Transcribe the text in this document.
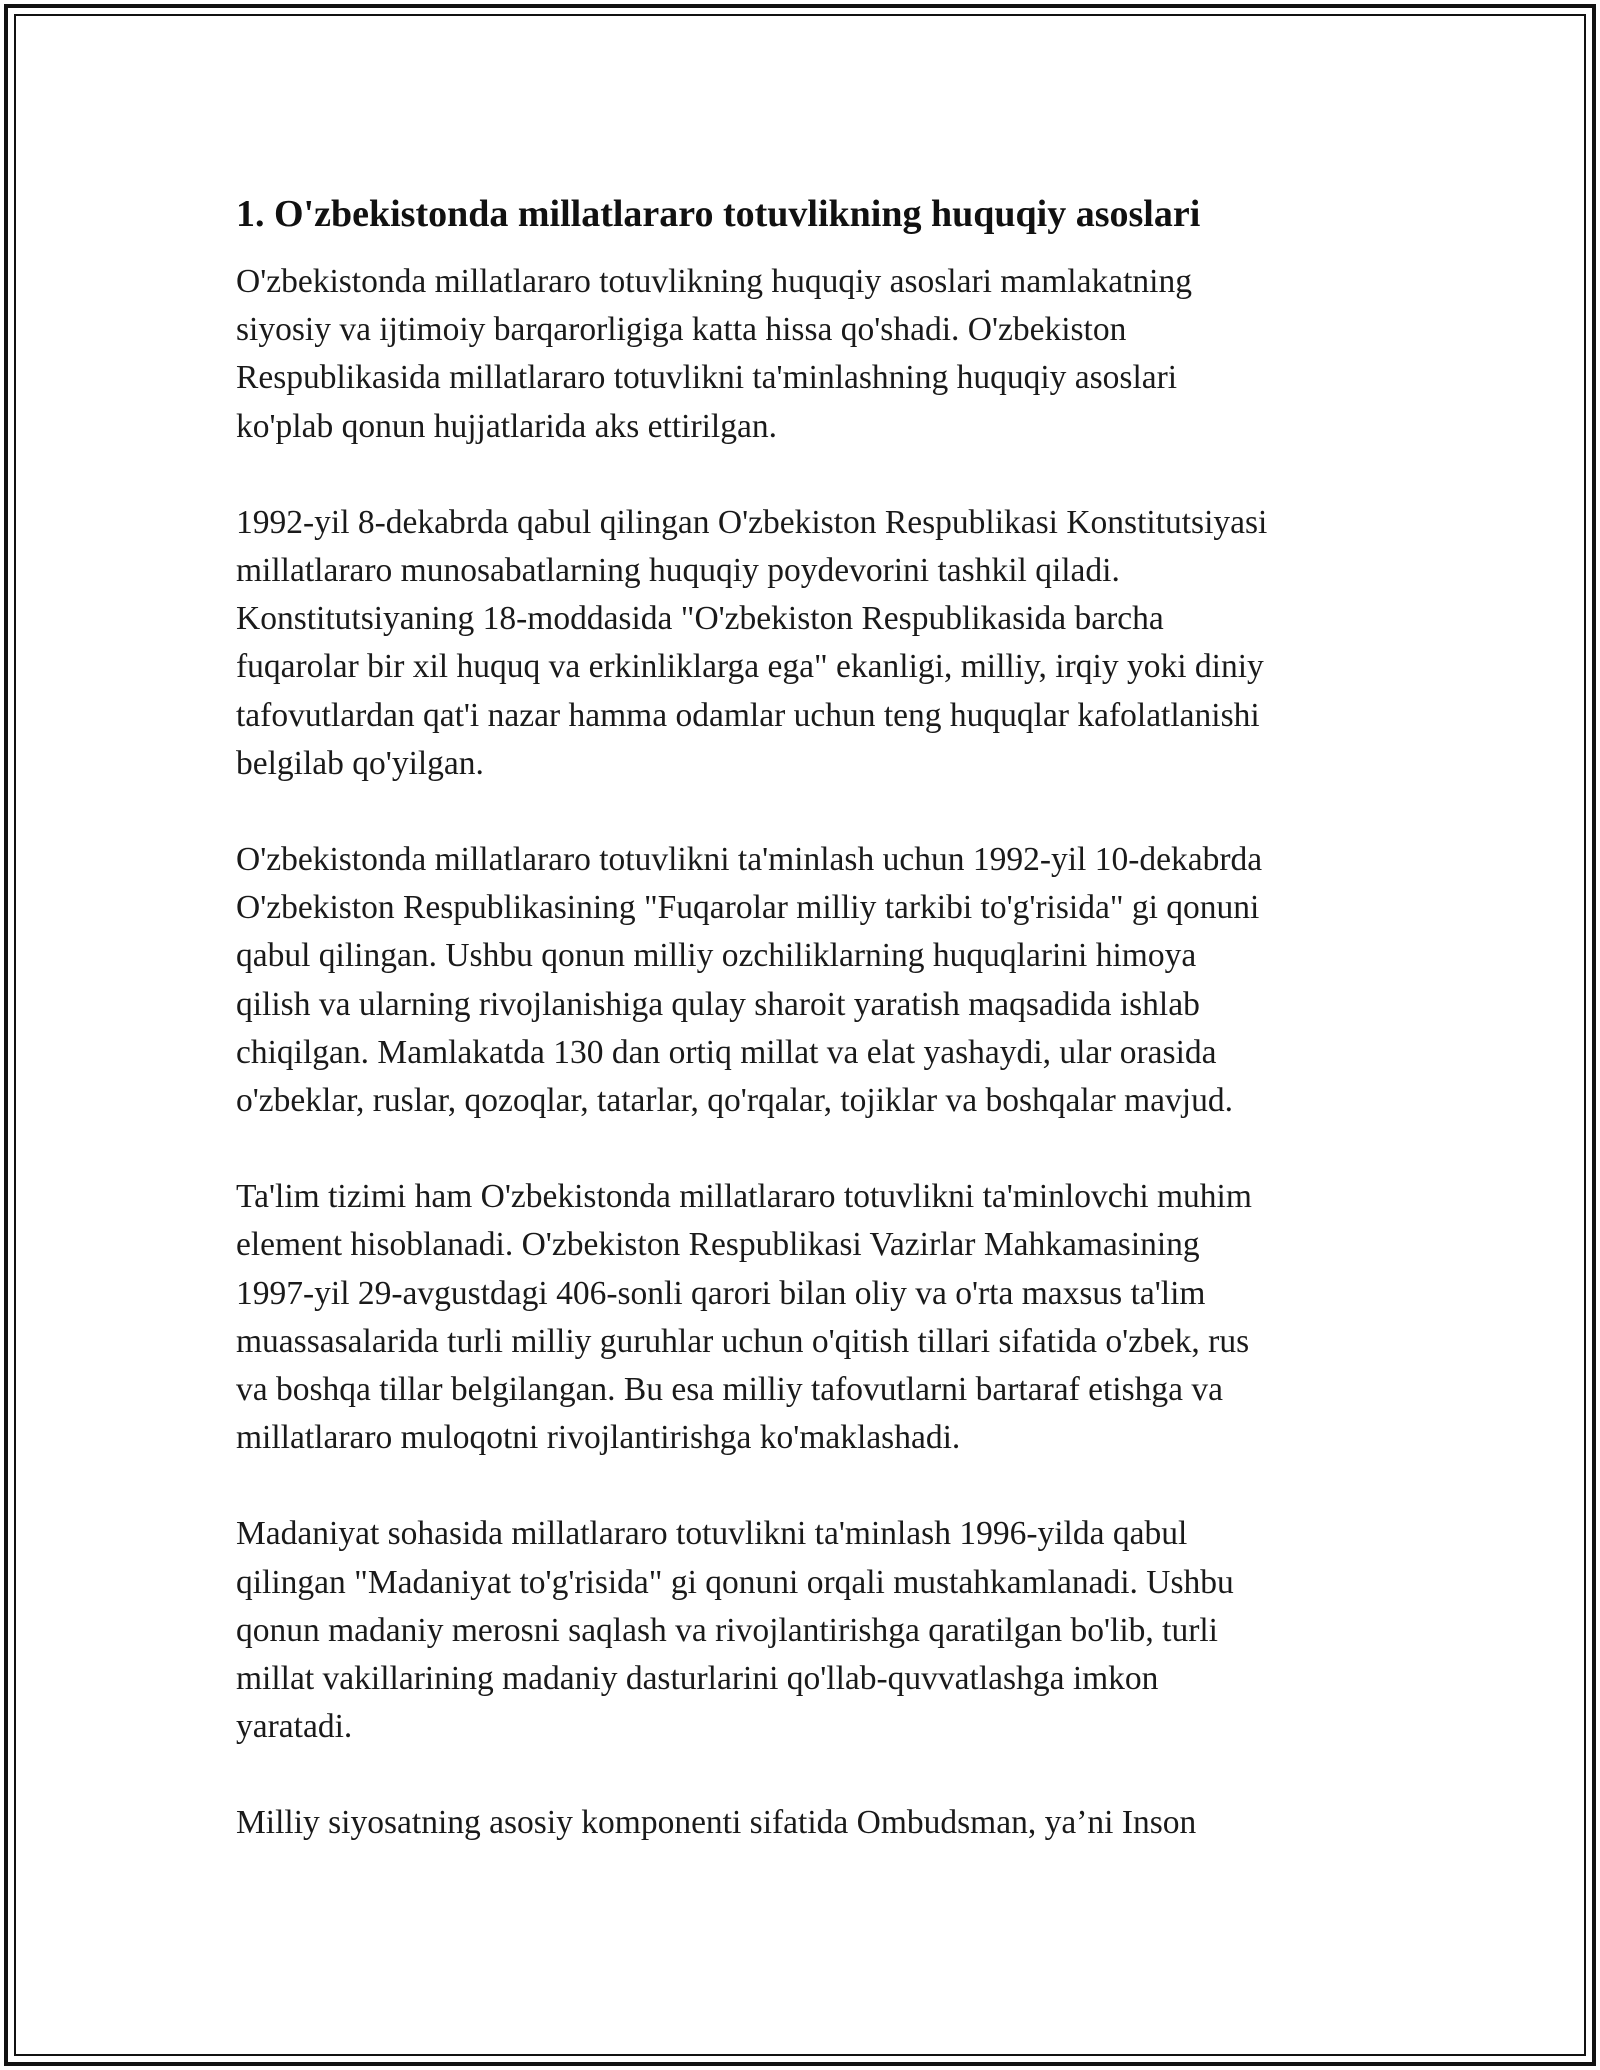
1. O'zbekistonda millatlararo totuvlikning huquqiy asoslari

O'zbekistonda millatlararo totuvlikning huquqiy asoslari mamlakatning
siyosiy va ijtimoiy barqarorligiga katta hissa qo'shadi. O'zbekiston
Respublikasida millatlararo totuvlikni ta'minlashning huquqiy asoslari
ko'plab qonun hujjatlarida aks ettirilgan.

1992-yil 8-dekabrda qabul qilingan O'zbekiston Respublikasi Konstitutsiyasi
millatlararo munosabatlarning huquqiy poydevorini tashkil qiladi.
Konstitutsiyaning 18-moddasida "O'zbekiston Respublikasida barcha
fuqarolar bir xil huquq va erkinliklarga ega" ekanligi, milliy, irqiy yoki diniy
tafovutlardan qat'i nazar hamma odamlar uchun teng huquqlar kafolatlanishi
belgilab qo'yilgan.

O'zbekistonda millatlararo totuvlikni ta'minlash uchun 1992-yil 10-dekabrda
O'zbekiston Respublikasining "Fuqarolar milliy tarkibi to'g'risida" gi qonuni
qabul qilingan. Ushbu qonun milliy ozchiliklarning huquqlarini himoya
qilish va ularning rivojlanishiga qulay sharoit yaratish maqsadida ishlab
chiqilgan. Mamlakatda 130 dan ortiq millat va elat yashaydi, ular orasida
o'zbeklar, ruslar, qozoqlar, tatarlar, qo'rqalar, tojiklar va boshqalar mavjud.

Ta'lim tizimi ham O'zbekistonda millatlararo totuvlikni ta'minlovchi muhim
element hisoblanadi. O'zbekiston Respublikasi Vazirlar Mahkamasining
1997-yil 29-avgustdagi 406-sonli qarori bilan oliy va o'rta maxsus ta'lim
muassasalarida turli milliy guruhlar uchun o'qitish tillari sifatida o'zbek, rus
va boshqa tillar belgilangan. Bu esa milliy tafovutlarni bartaraf etishga va
millatlararo muloqotni rivojlantirishga ko'maklashadi.

Madaniyat sohasida millatlararo totuvlikni ta'minlash 1996-yilda qabul
qilingan "Madaniyat to'g'risida" gi qonuni orqali mustahkamlanadi. Ushbu
qonun madaniy merosni saqlash va rivojlantirishga qaratilgan bo'lib, turli
millat vakillarining madaniy dasturlarini qo'llab-quvvatlashga imkon
yaratadi.

Milliy siyosatning asosiy komponenti sifatida Ombudsman, ya’ni Inson
